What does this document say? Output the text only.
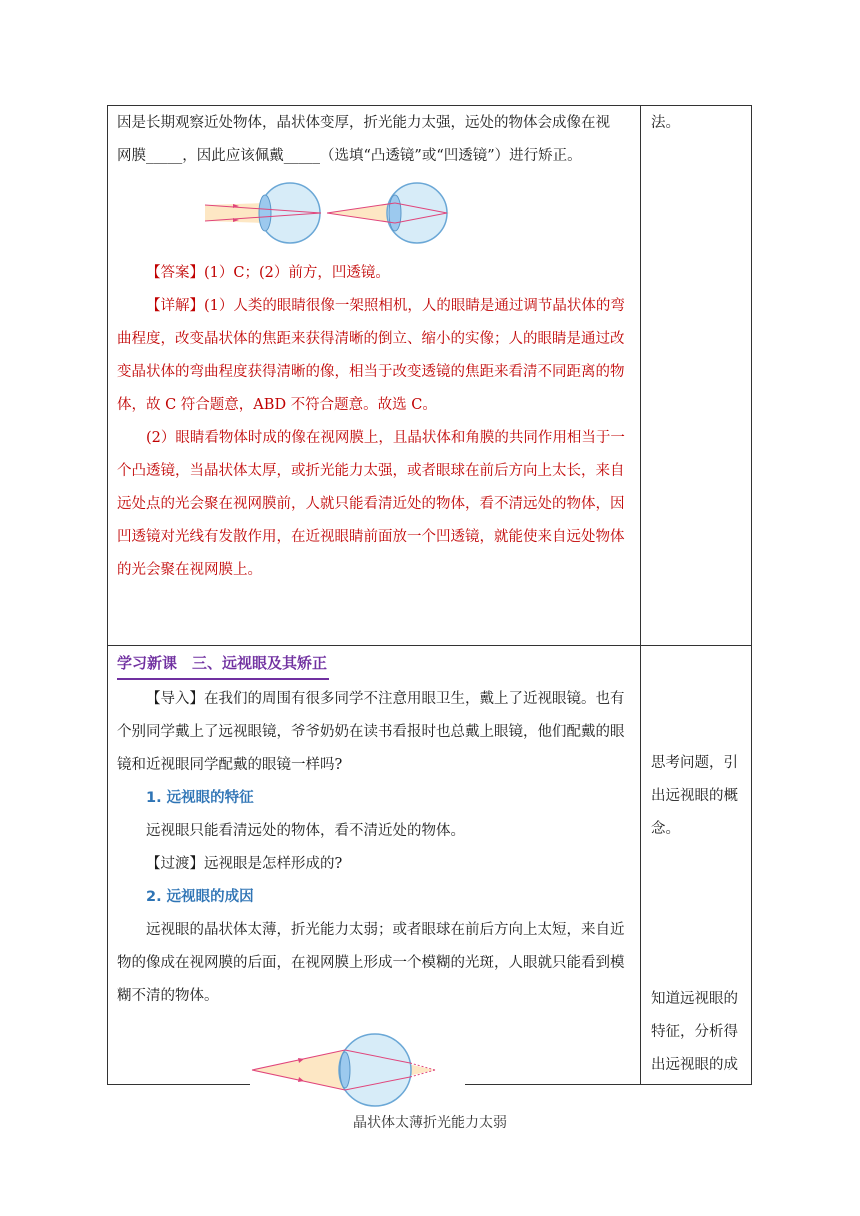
因是长期观察近处物体，晶状体变厚，折光能力太强，远处的物体会成像在视

网膜_____，因此应该佩戴_____（选填“凸透镜”或“凹透镜”）进行矫正。

【答案】(1）C；(2）前方，凹透镜。

【详解】(1）人类的眼睛很像一架照相机，人的眼睛是通过调节晶状体的弯曲程度，改变晶状体的焦距来获得清晰的倒立、缩小的实像；人的眼睛是通过改变晶状体的弯曲程度获得清晰的像，相当于改变透镜的焦距来看清不同距离的物体，故 C 符合题意，ABD 不符合题意。故选 C。

(2）眼睛看物体时成的像在视网膜上，且晶状体和角膜的共同作用相当于一个凸透镜，当晶状体太厚，或折光能力太强，或者眼球在前后方向上太长，来自远处点的光会聚在视网膜前，人就只能看清近处的物体，看不清远处的物体，因凹透镜对光线有发散作用，在近视眼睛前面放一个凹透镜，就能使来自远处物体的光会聚在视网膜上。

法。
学习新课　三、远视眼及其矫正

【导入】在我们的周围有很多同学不注意用眼卫生，戴上了近视眼镜。也有个别同学戴上了远视眼镜，爷爷奶奶在读书看报时也总戴上眼镜，他们配戴的眼镜和近视眼同学配戴的眼镜一样吗?

1. 远视眼的特征

远视眼只能看清远处的物体，看不清近处的物体。

【过渡】远视眼是怎样形成的?

2. 远视眼的成因

远视眼的晶状体太薄，折光能力太弱；或者眼球在前后方向上太短，来自近物的像成在视网膜的后面，在视网膜上形成一个模糊的光斑，人眼就只能看到模糊不清的物体。

思考问题，引出远视眼的概念。
知道远视眼的特征，分析得出远视眼的成
晶状体太薄折光能力太弱
